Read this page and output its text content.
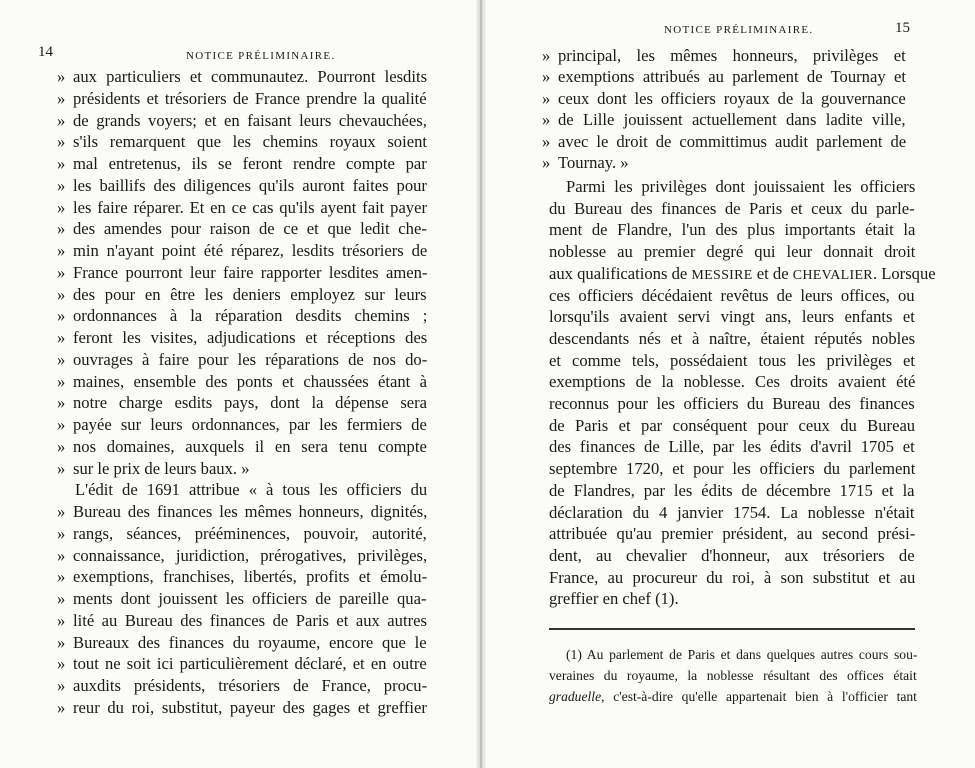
14	NOTICE PRÉLIMINAIRE.
» aux particuliers et communautez. Pourront lesdits
» présidents et trésoriers de France prendre la qualité
» de grands voyers; et en faisant leurs chevauchées,
» s'ils remarquent que les chemins royaux soient
» mal entretenus, ils se feront rendre compte par
» les baillifs des diligences qu'ils auront faites pour
» les faire réparer. Et en ce cas qu'ils ayent fait payer
» des amendes pour raison de ce et que ledit che-
» min n'ayant point été réparez, lesdits trésoriers de
» France pourront leur faire rapporter lesdites amen-
» des pour en être les deniers employez sur leurs
» ordonnances à la réparation desdits chemins ;
» feront les visites, adjudications et réceptions des
» ouvrages à faire pour les réparations de nos do-
» maines, ensemble des ponts et chaussées étant à
» notre charge esdits pays, dont la dépense sera
» payée sur leurs ordonnances, par les fermiers de
» nos domaines, auxquels il en sera tenu compte
» sur le prix de leurs baux. »
L'édit de 1691 attribue « à tous les officiers du
» Bureau des finances les mêmes honneurs, dignités,
» rangs, séances, prééminences, pouvoir, autorité,
» connaissance, juridiction, prérogatives, privilèges,
» exemptions, franchises, libertés, profits et émolu-
» ments dont jouissent les officiers de pareille qua-
» lité au Bureau des finances de Paris et aux autres
» Bureaux des finances du royaume, encore que le
» tout ne soit ici particulièrement déclaré, et en outre
» auxdits présidents, trésoriers de France, procu-
» reur du roi, substitut, payeur des gages et greffier
NOTICE PRÉLIMINAIRE.	15
» principal, les mêmes honneurs, privilèges et
» exemptions attribués au parlement de Tournay et
» ceux dont les officiers royaux de la gouvernance
» de Lille jouissent actuellement dans ladite ville,
» avec le droit de committimus audit parlement de
» Tournay. »
Parmi les privilèges dont jouissaient les officiers
du Bureau des finances de Paris et ceux du parle-
ment de Flandre, l'un des plus importants était la
noblesse au premier degré qui leur donnait droit
aux qualifications de MESSIRE et de CHEVALIER. Lorsque
ces officiers décédaient revêtus de leurs offices, ou
lorsqu'ils avaient servi vingt ans, leurs enfants et
descendants nés et à naître, étaient réputés nobles
et comme tels, possédaient tous les privilèges et
exemptions de la noblesse. Ces droits avaient été
reconnus pour les officiers du Bureau des finances
de Paris et par conséquent pour ceux du Bureau
des finances de Lille, par les édits d'avril 1705 et
septembre 1720, et pour les officiers du parlement
de Flandres, par les édits de décembre 1715 et la
déclaration du 4 janvier 1754. La noblesse n'était
attribuée qu'au premier président, au second prési-
dent, au chevalier d'honneur, aux trésoriers de
France, au procureur du roi, à son substitut et au
greffier en chef (1).
(1) Au parlement de Paris et dans quelques autres cours sou-
veraines du royaume, la noblesse résultant des offices était
graduelle, c'est-à-dire qu'elle appartenait bien à l'officier tant
